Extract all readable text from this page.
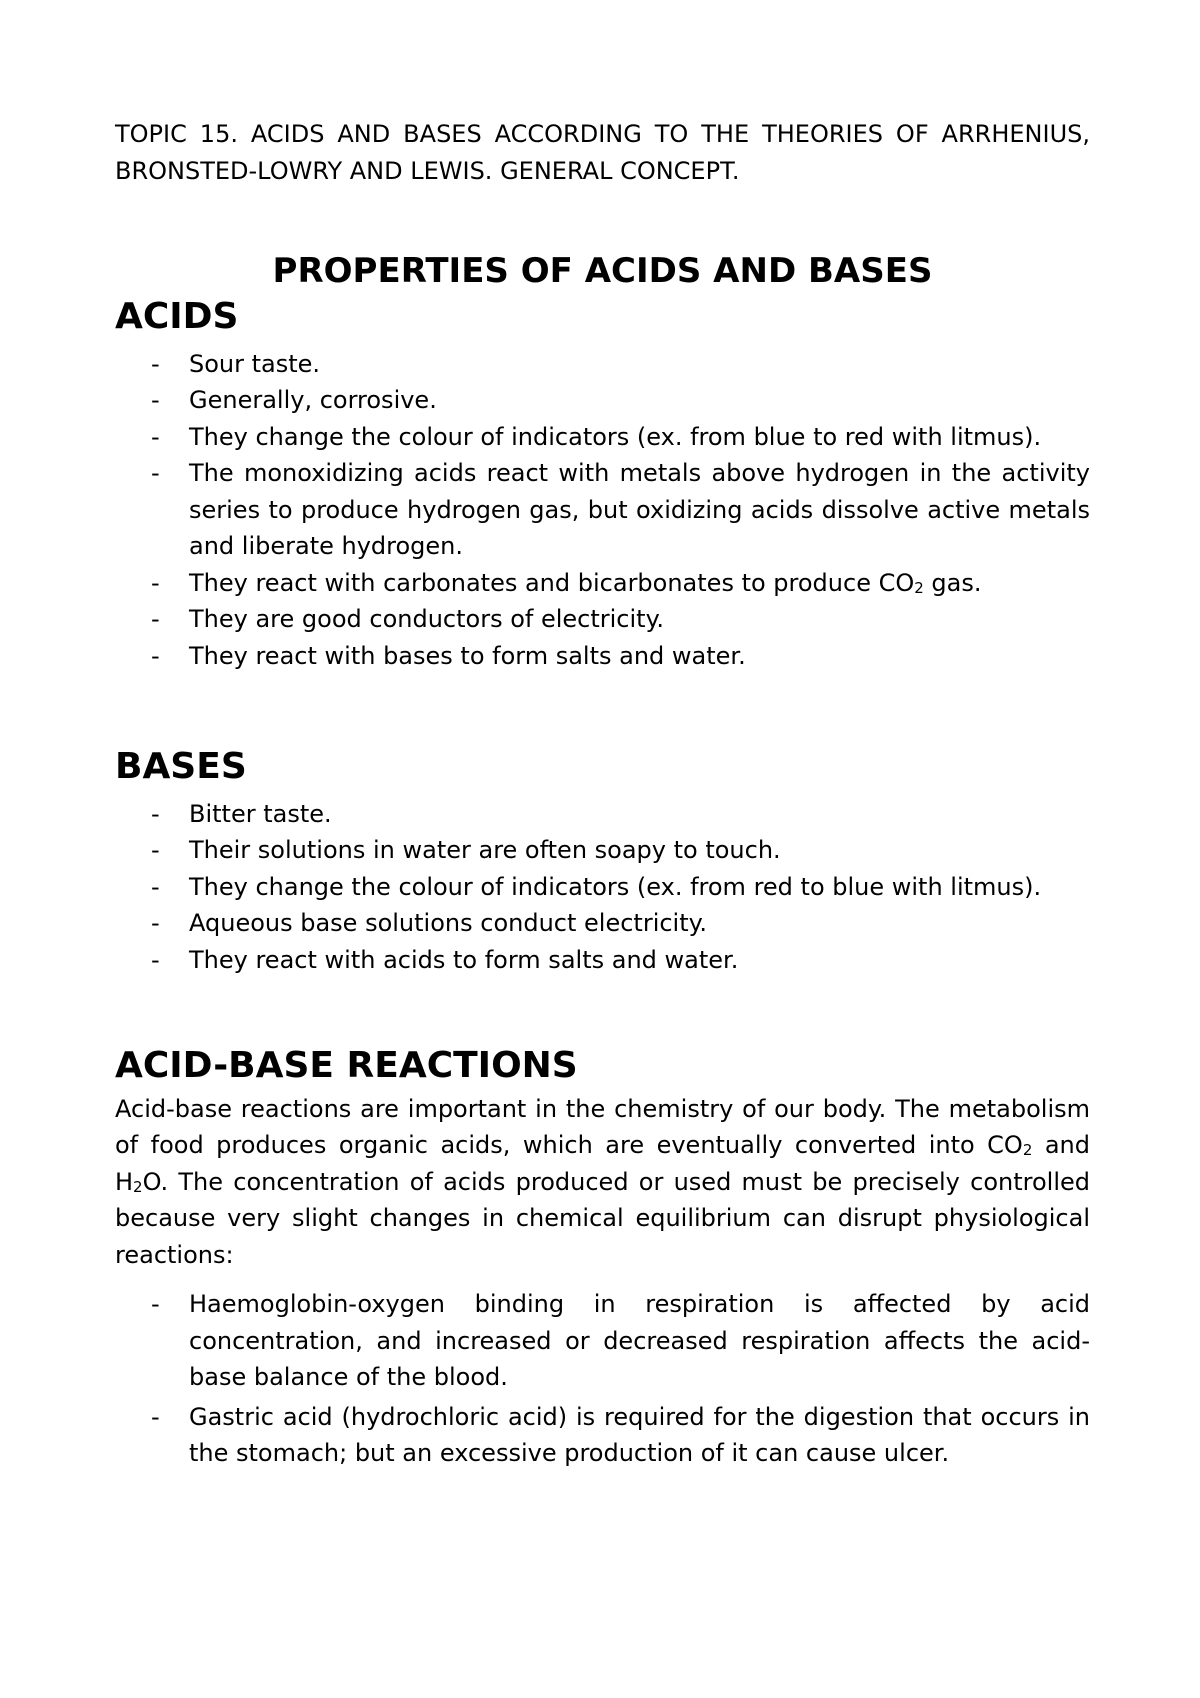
TOPIC 15. ACIDS AND BASES ACCORDING TO THE THEORIES OF ARRHENIUS, BRONSTED-LOWRY AND LEWIS. GENERAL CONCEPT.

PROPERTIES OF ACIDS AND BASES
ACIDS
- Sour taste.
- Generally, corrosive.
- They change the colour of indicators (ex. from blue to red with litmus).
- The monoxidizing acids react with metals above hydrogen in the activity series to produce hydrogen gas, but oxidizing acids dissolve active metals and liberate hydrogen.
- They react with carbonates and bicarbonates to produce $CO_2$ gas.
- They are good conductors of electricity.
- They react with bases to form salts and water.
BASES
- Bitter taste.
- Their solutions in water are often soapy to touch.
- They change the colour of indicators (ex. from red to blue with litmus).
- Aqueous base solutions conduct electricity.
- They react with acids to form salts and water.
ACID-BASE REACTIONS

Acid-base reactions are important in the chemistry of our body. The metabolism of food produces organic acids, which are eventually converted into $CO_2$ and $H_2O$. The concentration of acids produced or used must be precisely controlled because very slight changes in chemical equilibrium can disrupt physiological reactions:

- Haemoglobin-oxygen binding in respiration is affected by acid concentration, and increased or decreased respiration affects the acid-base balance of the blood.
- Gastric acid (hydrochloric acid) is required for the digestion that occurs in the stomach; but an excessive production of it can cause ulcer.
